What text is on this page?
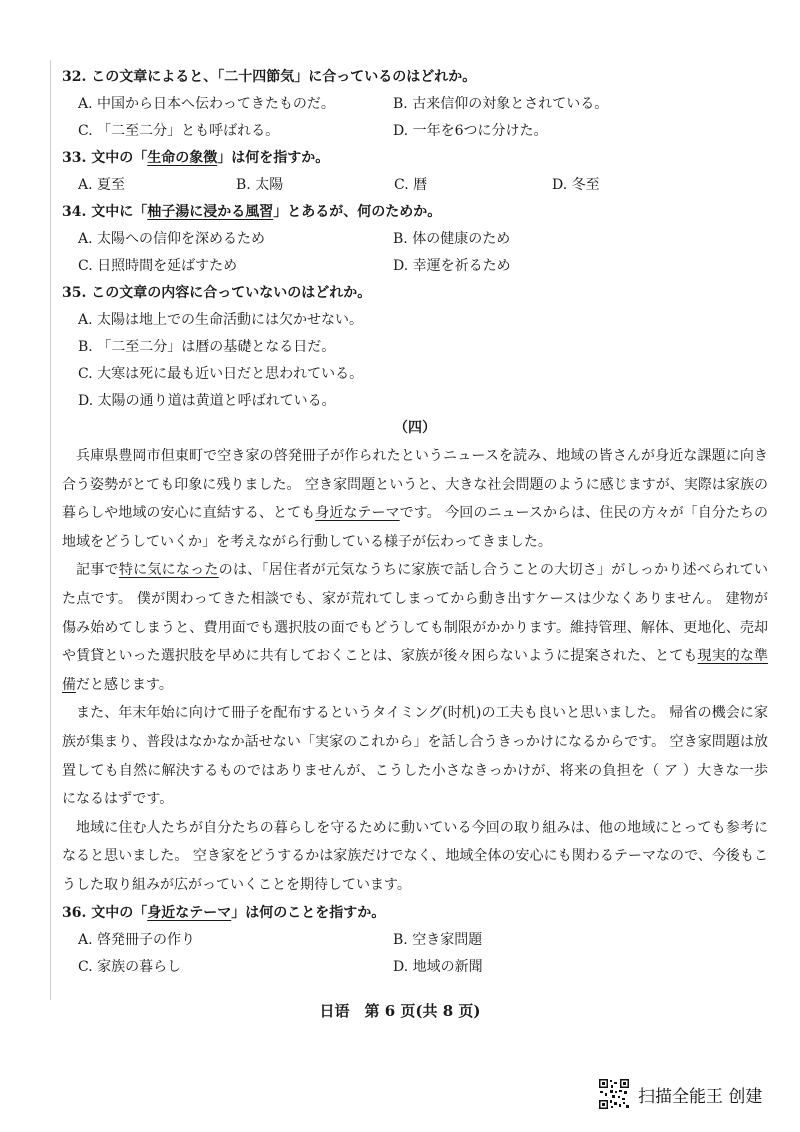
32. この文章によると、「二十四節気」に合っているのはどれか。
A. 中国から日本へ伝わってきたものだ。	B. 古来信仰の対象とされている。
C. 「二至二分」とも呼ばれる。	D. 一年を6つに分けた。
33. 文中の「生命の象徴」は何を指すか。
A. 夏至	B. 太陽	C. 暦	D. 冬至
34. 文中に「柚子湯に浸かる風習」とあるが、何のためか。
A. 太陽への信仰を深めるため	B. 体の健康のため
C. 日照時間を延ばすため	D. 幸運を祈るため
35. この文章の内容に合っていないのはどれか。
A. 太陽は地上での生命活動には欠かせない。
B. 「二至二分」は暦の基礎となる日だ。
C. 大寒は死に最も近い日だと思われている。
D. 太陽の通り道は黄道と呼ばれている。
（四）

兵庫県豊岡市但東町で空き家の啓発冊子が作られたというニュースを読み、地域の皆さんが身近な課題に向き合う姿勢がとても印象に残りました。 空き家問題というと、大きな社会問題のように感じますが、実際は家族の暮らしや地域の安心に直結する、とても身近なテーマです。 今回のニュースからは、住民の方々が「自分たちの地域をどうしていくか」を考えながら行動している様子が伝わってきました。

記事で特に気になったのは、「居住者が元気なうちに家族で話し合うことの大切さ」がしっかり述べられていた点です。 僕が関わってきた相談でも、家が荒れてしまってから動き出すケースは少なくありません。 建物が傷み始めてしまうと、費用面でも選択肢の面でもどうしても制限がかかります。維持管理、解体、更地化、売却や賃貸といった選択肢を早めに共有しておくことは、家族が後々困らないように提案された、とても現実的な準備だと感じます。

また、年末年始に向けて冊子を配布するというタイミング(时机)の工夫も良いと思いました。 帰省の機会に家族が集まり、普段はなかなか話せない「実家のこれから」を話し合うきっかけになるからです。 空き家問題は放置しても自然に解決するものではありませんが、こうした小さなきっかけが、将来の負担を（ ア ）大きな一歩になるはずです。

地域に住む人たちが自分たちの暮らしを守るために動いている今回の取り組みは、他の地域にとっても参考になると思いました。 空き家をどうするかは家族だけでなく、地域全体の安心にも関わるテーマなので、今後もこうした取り組みが広がっていくことを期待しています。

36. 文中の「身近なテーマ」は何のことを指すか。
A. 啓発冊子の作り	B. 空き家問題
C. 家族の暮らし	D. 地域の新聞
日语　第 6 页(共 8 页)
扫描全能王 创建
